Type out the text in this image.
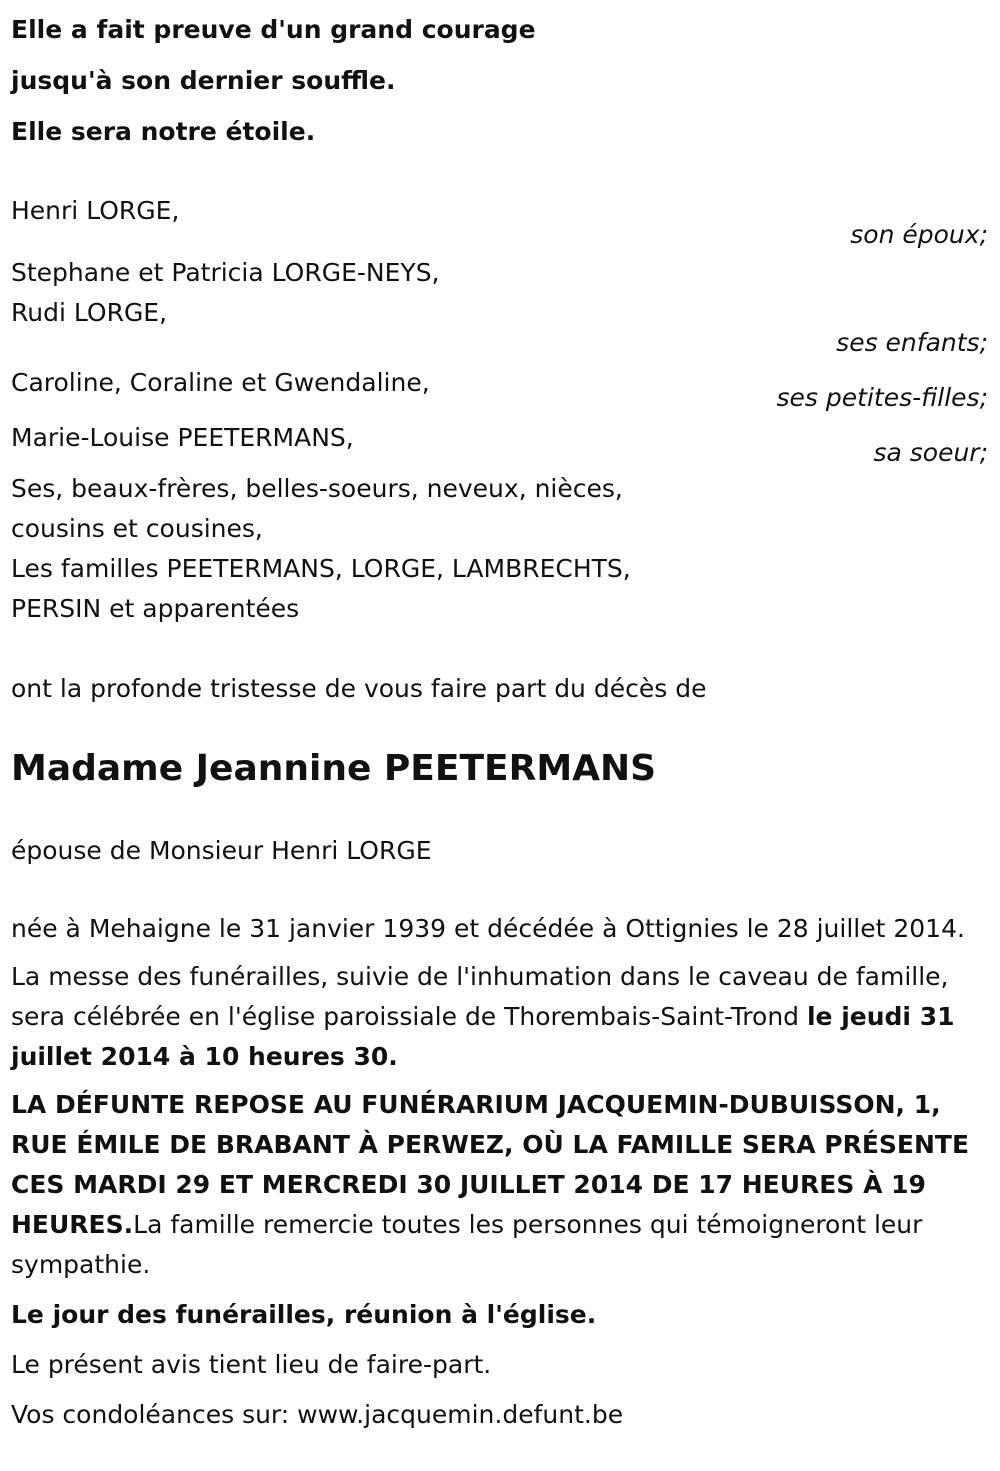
Elle a fait preuve d'un grand courage
jusqu'à son dernier souffle.
Elle sera notre étoile.
Henri LORGE,
son époux;
Stephane et Patricia LORGE-NEYS,
Rudi LORGE,
ses enfants;
Caroline, Coraline et Gwendaline,
ses petites-filles;
Marie-Louise PEETERMANS,
sa soeur;
Ses, beaux-frères, belles-soeurs, neveux, nièces,
cousins et cousines,
Les familles PEETERMANS, LORGE, LAMBRECHTS,
PERSIN et apparentées

ont la profonde tristesse de vous faire part du décès de

Madame Jeannine PEETERMANS

épouse de Monsieur Henri LORGE

née à Mehaigne le 31 janvier 1939 et décédée à Ottignies le 28 juillet 2014.

La messe des funérailles, suivie de l'inhumation dans le caveau de famille, sera célébrée en l'église paroissiale de Thorembais-Saint-Trond le jeudi 31 juillet 2014 à 10 heures 30.

LA DÉFUNTE REPOSE AU FUNÉRARIUM JACQUEMIN-DUBUISSON, 1, RUE ÉMILE DE BRABANT À PERWEZ, OÙ LA FAMILLE SERA PRÉSENTE CES MARDI 29 ET MERCREDI 30 JUILLET 2014 DE 17 HEURES À 19 HEURES.La famille remercie toutes les personnes qui témoigneront leur sympathie.

Le jour des funérailles, réunion à l'église.

Le présent avis tient lieu de faire-part.

Vos condoléances sur: www.jacquemin.defunt.be
